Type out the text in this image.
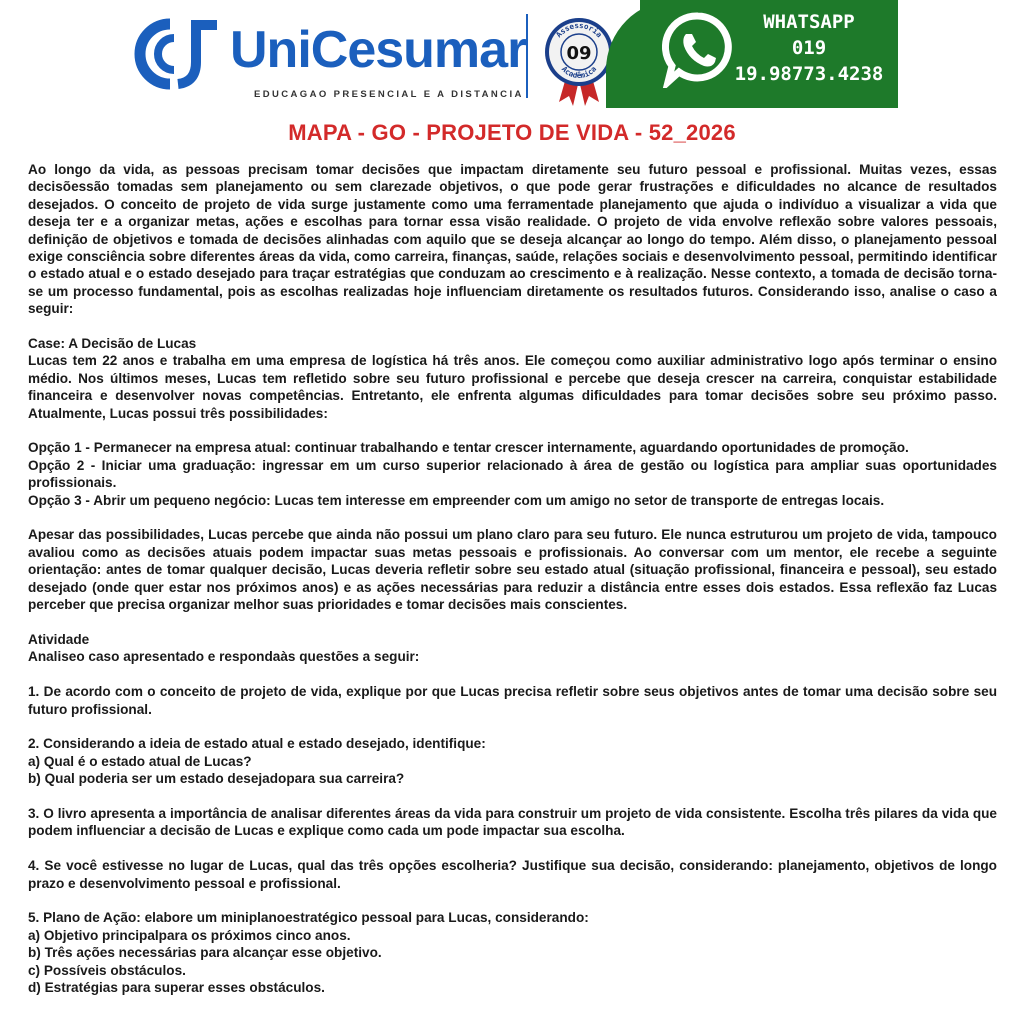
UniCesumar
EDUCAGAO PRESENCIAL E A DISTANCIA
Assessoria
Acadêmica
09
WHATSAPP
019
19.98773.4238
MAPA - GO - PROJETO DE VIDA - 52_2026

Ao longo da vida, as pessoas precisam tomar decisões que impactam diretamente seu futuro pessoal e profissional. Muitas vezes, essas decisõessão tomadas sem planejamento ou sem clarezade objetivos, o que pode gerar frustrações e dificuldades no alcance de resultados desejados. O conceito de projeto de vida surge justamente como uma ferramentade planejamento que ajuda o indivíduo a visualizar a vida que deseja ter e a organizar metas, ações e escolhas para tornar essa visão realidade. O projeto de vida envolve reflexão sobre valores pessoais, definição de objetivos e tomada de decisões alinhadas com aquilo que se deseja alcançar ao longo do tempo. Além disso, o planejamento pessoal exige consciência sobre diferentes áreas da vida, como carreira, finanças, saúde, relações sociais e desenvolvimento pessoal, permitindo identificar o estado atual e o estado desejado para traçar estratégias que conduzam ao crescimento e à realização. Nesse contexto, a tomada de decisão torna-se um processo fundamental, pois as escolhas realizadas hoje influenciam diretamente os resultados futuros. Considerando isso, analise o caso a seguir:

Case: A Decisão de Lucas

Lucas tem 22 anos e trabalha em uma empresa de logística há três anos. Ele começou como auxiliar administrativo logo após terminar o ensino médio. Nos últimos meses, Lucas tem refletido sobre seu futuro profissional e percebe que deseja crescer na carreira, conquistar estabilidade financeira e desenvolver novas competências. Entretanto, ele enfrenta algumas dificuldades para tomar decisões sobre seu próximo passo. Atualmente, Lucas possui três possibilidades:

Opção 1 - Permanecer na empresa atual: continuar trabalhando e tentar crescer internamente, aguardando oportunidades de promoção.

Opção 2 - Iniciar uma graduação: ingressar em um curso superior relacionado à área de gestão ou logística para ampliar suas oportunidades profissionais.

Opção 3 - Abrir um pequeno negócio: Lucas tem interesse em empreender com um amigo no setor de transporte de entregas locais.

Apesar das possibilidades, Lucas percebe que ainda não possui um plano claro para seu futuro. Ele nunca estruturou um projeto de vida, tampouco avaliou como as decisões atuais podem impactar suas metas pessoais e profissionais. Ao conversar com um mentor, ele recebe a seguinte orientação: antes de tomar qualquer decisão, Lucas deveria refletir sobre seu estado atual (situação profissional, financeira e pessoal), seu estado desejado (onde quer estar nos próximos anos) e as ações necessárias para reduzir a distância entre esses dois estados. Essa reflexão faz Lucas perceber que precisa organizar melhor suas prioridades e tomar decisões mais conscientes.

Atividade

Analiseo caso apresentado e respondaàs questões a seguir:

1. De acordo com o conceito de projeto de vida, explique por que Lucas precisa refletir sobre seus objetivos antes de tomar uma decisão sobre seu futuro profissional.

2. Considerando a ideia de estado atual e estado desejado, identifique:

a) Qual é o estado atual de Lucas?

b) Qual poderia ser um estado desejadopara sua carreira?

3. O livro apresenta a importância de analisar diferentes áreas da vida para construir um projeto de vida consistente. Escolha três pilares da vida que podem influenciar a decisão de Lucas e explique como cada um pode impactar sua escolha.

4. Se você estivesse no lugar de Lucas, qual das três opções escolheria? Justifique sua decisão, considerando: planejamento, objetivos de longo prazo e desenvolvimento pessoal e profissional.

5. Plano de Ação: elabore um miniplanoestratégico pessoal para Lucas, considerando:

a) Objetivo principalpara os próximos cinco anos.

b) Três ações necessárias para alcançar esse objetivo.

c) Possíveis obstáculos.

d) Estratégias para superar esses obstáculos.
